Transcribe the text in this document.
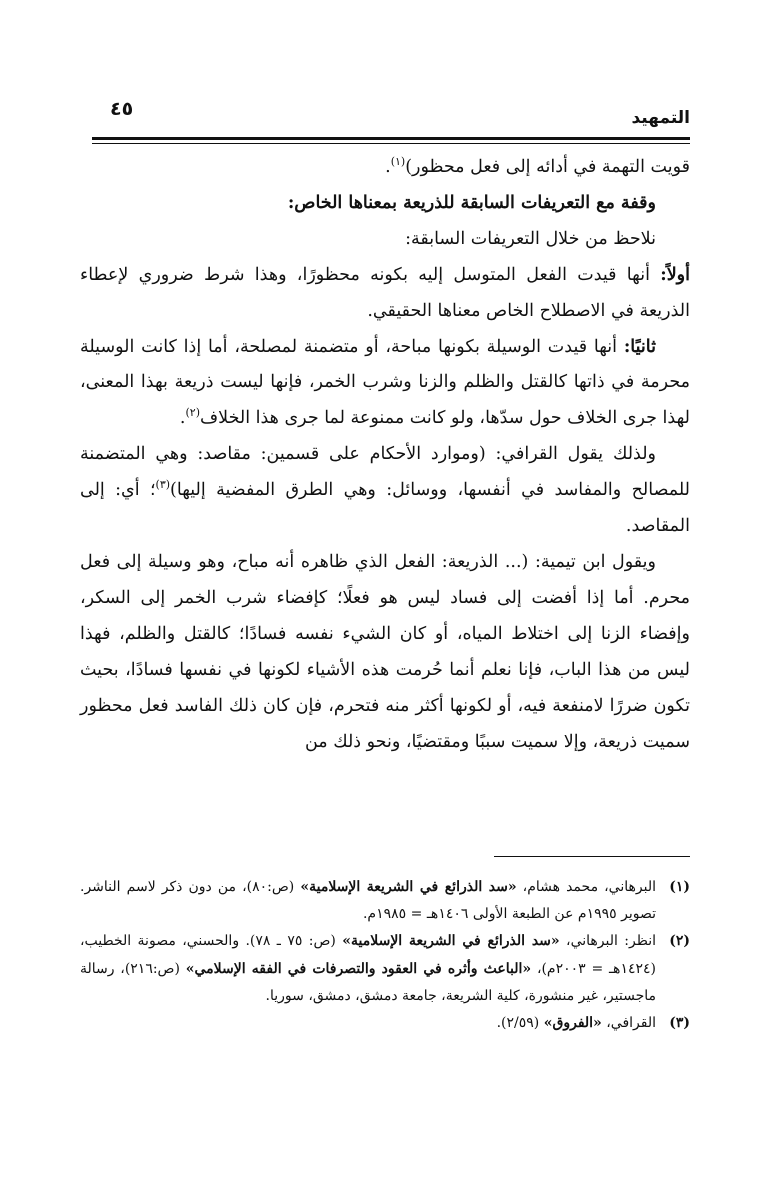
التمهيد
٤٥

قويت التهمة في أدائه إلى فعل محظور)$^{(١)}$.

وقفة مع التعريفات السابقة للذريعة بمعناها الخاص:

نلاحظ من خلال التعريفات السابقة:

أولاً: أنها قيدت الفعل المتوسل إليه بكونه محظورًا، وهذا شرط ضروري لإعطاء الذريعة في الاصطلاح الخاص معناها الحقيقي.

ثانيًا: أنها قيدت الوسيلة بكونها مباحة، أو متضمنة لمصلحة، أما إذا كانت الوسيلة محرمة في ذاتها كالقتل والظلم والزنا وشرب الخمر، فإنها ليست ذريعة بهذا المعنى، لهذا جرى الخلاف حول سدّها، ولو كانت ممنوعة لما جرى هذا الخلاف$^{(٢)}$.

ولذلك يقول القرافي: (وموارد الأحكام على قسمين: مقاصد: وهي المتضمنة للمصالح والمفاسد في أنفسها، ووسائل: وهي الطرق المفضية إليها)$^{(٣)}$؛ أي: إلى المقاصد.

ويقول ابن تيمية: (... الذريعة: الفعل الذي ظاهره أنه مباح، وهو وسيلة إلى فعل محرم. أما إذا أفضت إلى فساد ليس هو فعلًا؛ كإفضاء شرب الخمر إلى السكر، وإفضاء الزنا إلى اختلاط المياه، أو كان الشيء نفسه فسادًا؛ كالقتل والظلم، فهذا ليس من هذا الباب، فإنا نعلم أنما حُرمت هذه الأشياء لكونها في نفسها فسادًا، بحيث تكون ضررًا لامنفعة فيه، أو لكونها أكثر منه فتحرم، فإن كان ذلك الفاسد فعل محظور سميت ذريعة، وإلا سميت سببًا ومقتضيًا، ونحو ذلك من

(١)
البرهاني، محمد هشام، «سد الذرائع في الشريعة الإسلامية» (ص:٨٠)، من دون ذكر لاسم الناشر. تصوير ١٩٩٥م عن الطبعة الأولى ١٤٠٦هـ = ١٩٨٥م.
(٢)
انظر: البرهاني، «سد الذرائع في الشريعة الإسلامية» (ص: ٧٥ ـ ٧٨). والحسني، مصونة الخطيب، (١٤٢٤هـ = ٢٠٠٣م)، «الباعث وأثره في العقود والتصرفات في الفقه الإسلامي» (ص:٢١٦)، رسالة ماجستير، غير منشورة، كلية الشريعة، جامعة دمشق، دمشق، سوريا.
(٣)
القرافي، «الفروق» (٢/٥٩).
